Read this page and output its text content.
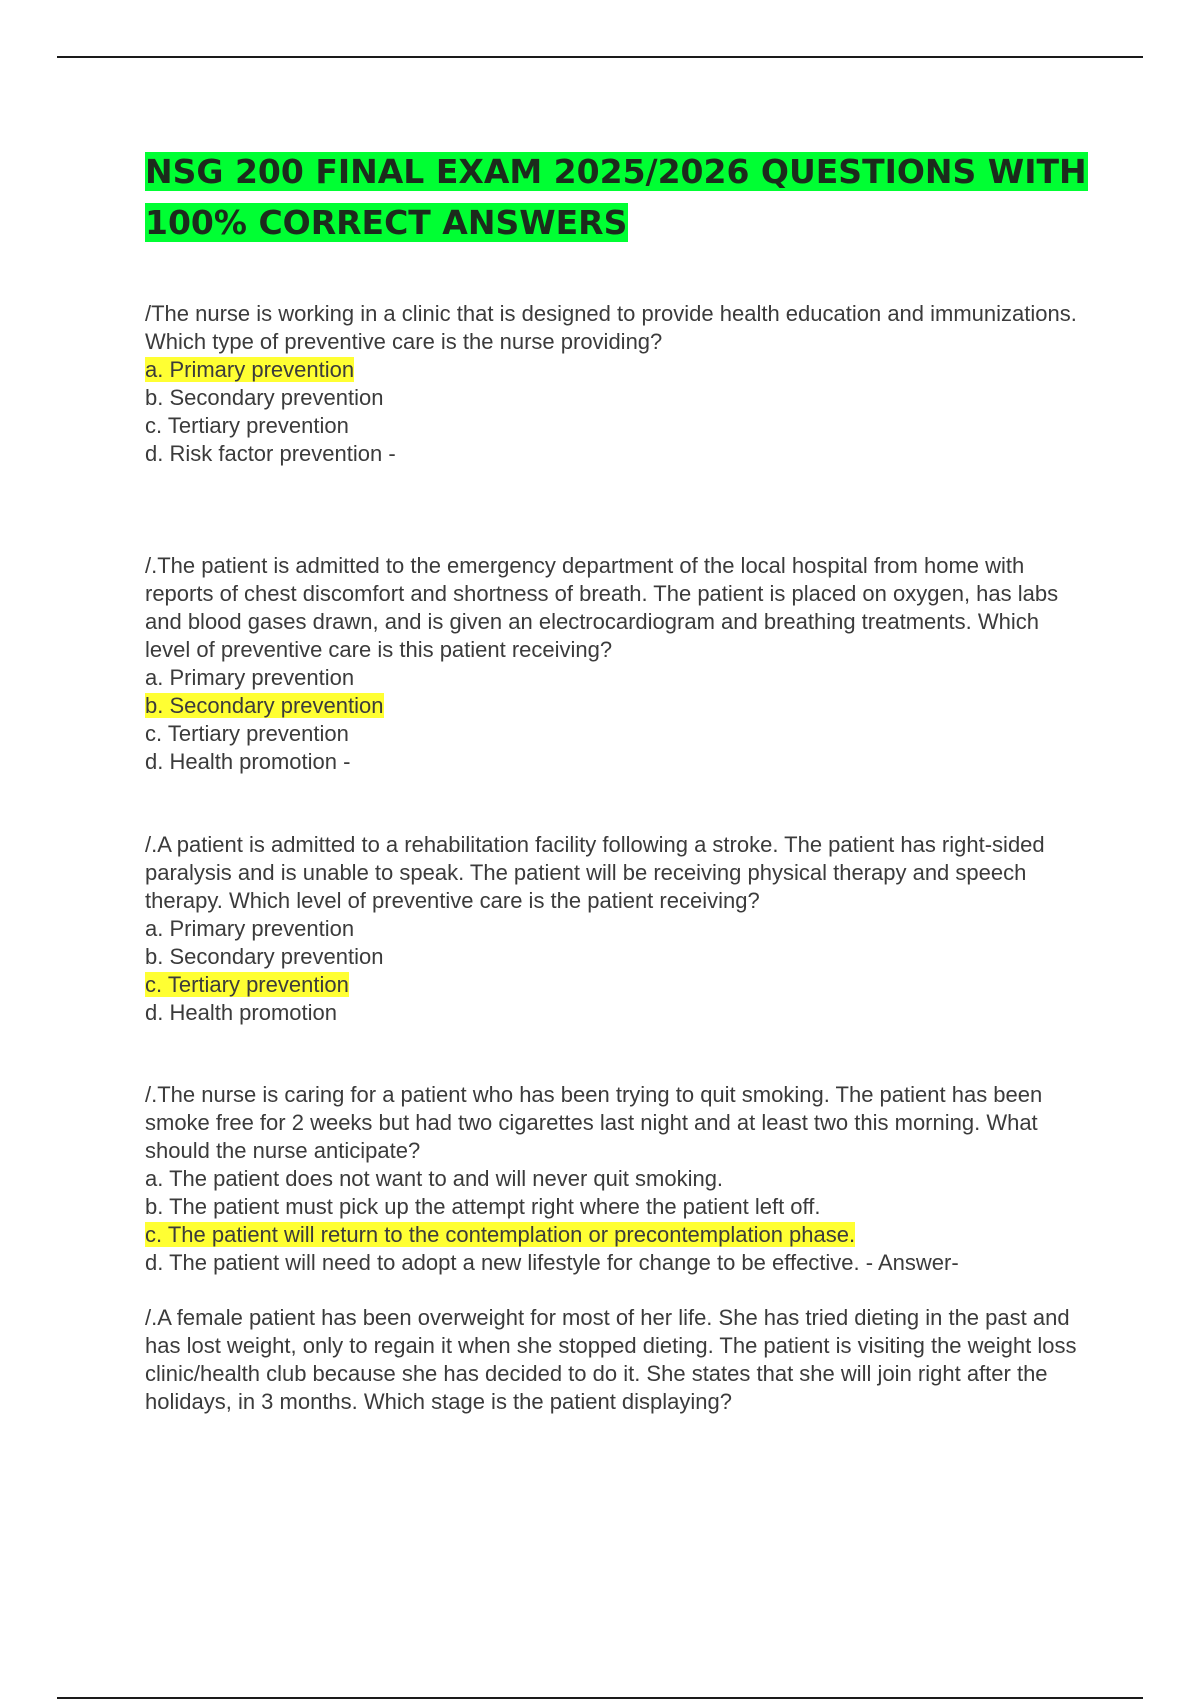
NSG 200 FINAL EXAM 2025/2026 QUESTIONS WITH 100% CORRECT ANSWERS

/The nurse is working in a clinic that is designed to provide health education and immunizations. Which type of preventive care is the nurse providing?

a. Primary prevention
b. Secondary prevention
c. Tertiary prevention
d. Risk factor prevention -

/.The patient is admitted to the emergency department of the local hospital from home with reports of chest discomfort and shortness of breath. The patient is placed on oxygen, has labs and blood gases drawn, and is given an electrocardiogram and breathing treatments. Which level of preventive care is this patient receiving?

a. Primary prevention
b. Secondary prevention
c. Tertiary prevention
d. Health promotion -

/.A patient is admitted to a rehabilitation facility following a stroke. The patient has right-sided paralysis and is unable to speak. The patient will be receiving physical therapy and speech therapy. Which level of preventive care is the patient receiving?

a. Primary prevention
b. Secondary prevention
c. Tertiary prevention
d. Health promotion

/.The nurse is caring for a patient who has been trying to quit smoking. The patient has been smoke free for 2 weeks but had two cigarettes last night and at least two this morning. What should the nurse anticipate?

a. The patient does not want to and will never quit smoking.
b. The patient must pick up the attempt right where the patient left off.
c. The patient will return to the contemplation or precontemplation phase.
d. The patient will need to adopt a new lifestyle for change to be effective. - Answer-

/.A female patient has been overweight for most of her life. She has tried dieting in the past and has lost weight, only to regain it when she stopped dieting. The patient is visiting the weight loss clinic/health club because she has decided to do it. She states that she will join right after the holidays, in 3 months. Which stage is the patient displaying?
